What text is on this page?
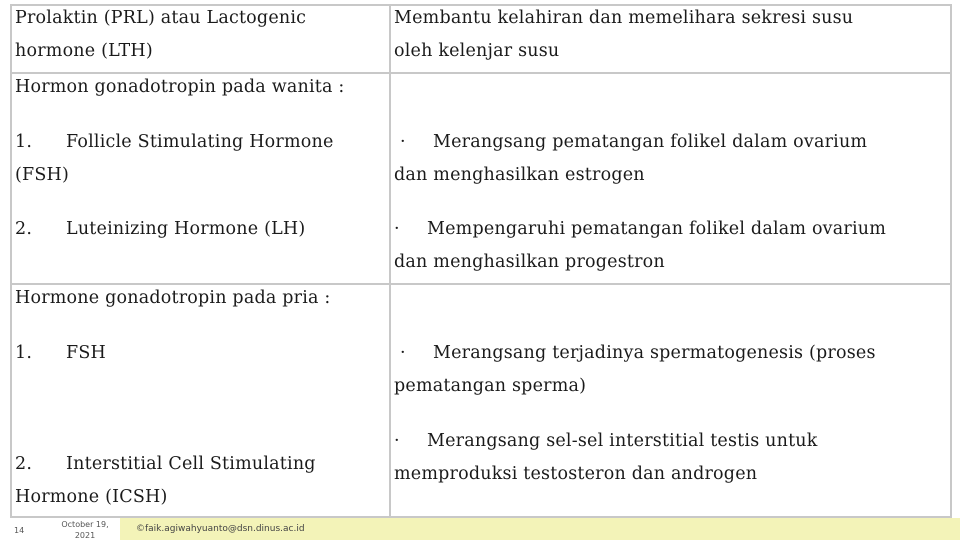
Prolaktin (PRL) atau Lactogenic
hormone (LTH)
Membantu kelahiran dan memelihara sekresi susu
oleh kelenjar susu
Hormon gonadotropin pada wanita :
1. Follicle Stimulating Hormone
(FSH)
2. Luteinizing Hormone (LH)
· Merangsang pematangan folikel dalam ovarium
dan menghasilkan estrogen
· Mempengaruhi pematangan folikel dalam ovarium
dan menghasilkan progestron
Hormone gonadotropin pada pria :
1. FSH
2. Interstitial Cell Stimulating
Hormone (ICSH)
· Merangsang terjadinya spermatogenesis (proses
pematangan sperma)
· Merangsang sel-sel interstitial testis untuk
memproduksi testosteron dan androgen
14
October 19, 2021
©faik.agiwahyuanto@dsn.dinus.ac.id
